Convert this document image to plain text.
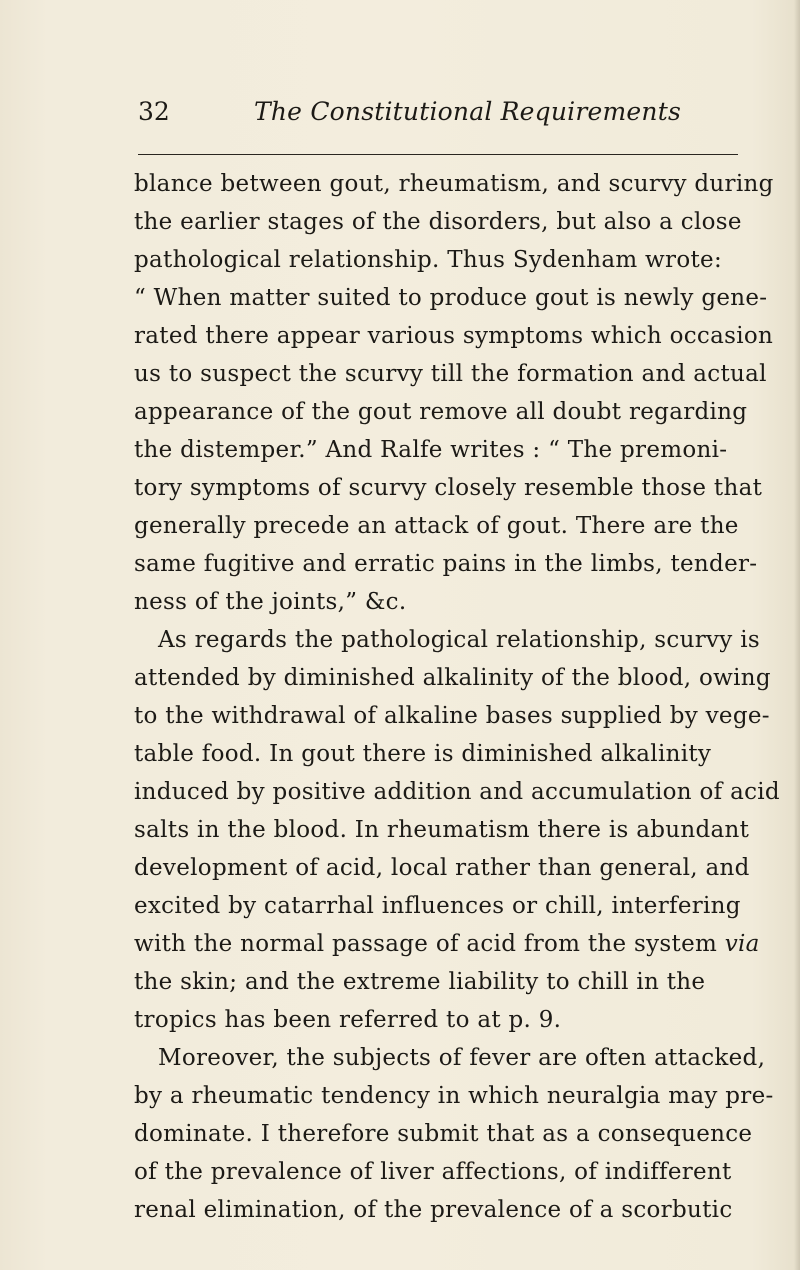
32	The Constitutional Requirements
blance between gout, rheumatism, and scurvy during
the earlier stages of the disorders, but also a close
pathological relationship. Thus Sydenham wrote:
“ When matter suited to produce gout is newly gene-
rated there appear various symptoms which occasion
us to suspect the scurvy till the formation and actual
appearance of the gout remove all doubt regarding
the distemper.” And Ralfe writes : “ The premoni-
tory symptoms of scurvy closely resemble those that
generally precede an attack of gout. There are the
same fugitive and erratic pains in the limbs, tender-
ness of the joints,” &c.
As regards the pathological relationship, scurvy is
attended by diminished alkalinity of the blood, owing
to the withdrawal of alkaline bases supplied by vege-
table food. In gout there is diminished alkalinity
induced by positive addition and accumulation of acid
salts in the blood. In rheumatism there is abundant
development of acid, local rather than general, and
excited by catarrhal influences or chill, interfering
with the normal passage of acid from the system via
the skin; and the extreme liability to chill in the
tropics has been referred to at p. 9.
Moreover, the subjects of fever are often attacked,
by a rheumatic tendency in which neuralgia may pre-
dominate. I therefore submit that as a consequence
of the prevalence of liver affections, of indifferent
renal elimination, of the prevalence of a scorbutic
